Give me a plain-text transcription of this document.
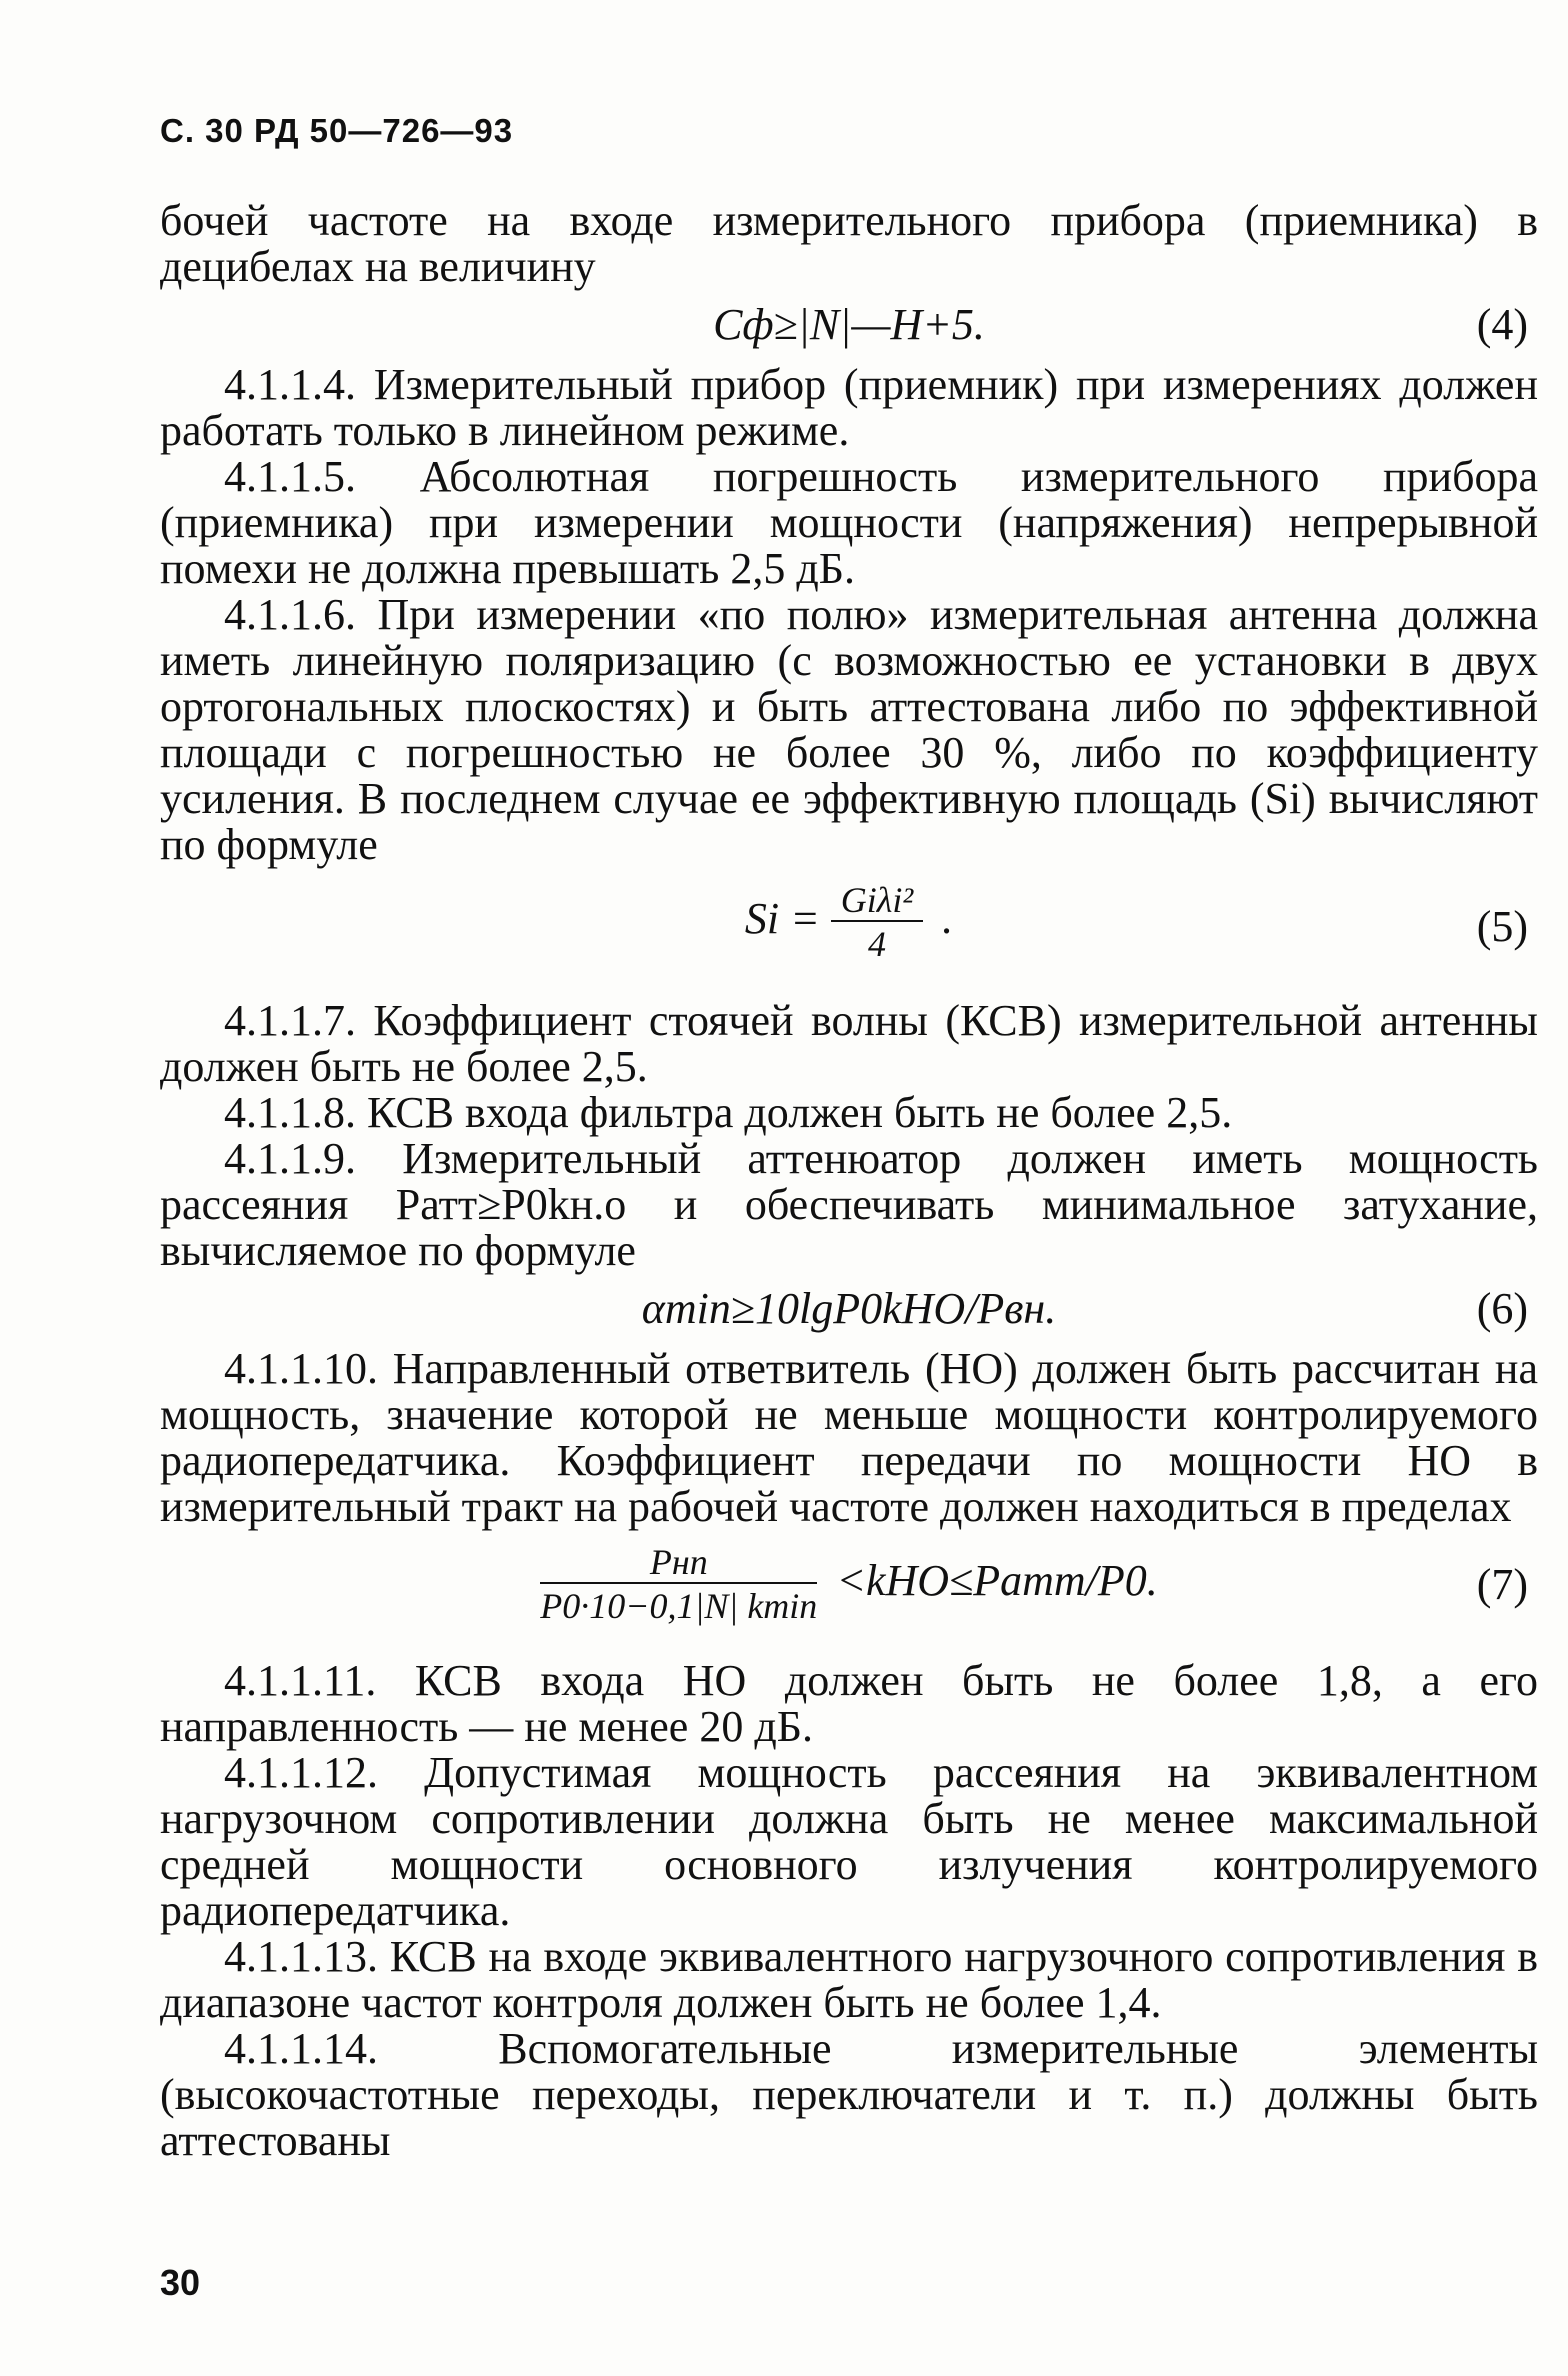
С. 30 РД 50—726—93

бочей частоте на входе измерительного прибора (приемника) в децибелах на величину

Cф≥|N|—H+5.	(4)

4.1.1.4. Измерительный прибор (приемник) при измерениях должен работать только в линейном режиме.

4.1.1.5. Абсолютная погрешность измерительного прибора (приемника) при измерении мощности (напряжения) непрерывной помехи не должна превышать 2,5 дБ.

4.1.1.6. При измерении «по полю» измерительная антенна должна иметь линейную поляризацию (с возможностью ее установки в двух ортогональных плоскостях) и быть аттестована либо по эффективной площади с погрешностью не более 30 %, либо по коэффициенту усиления. В последнем случае ее эффективную площадь (Si) вычисляют по формуле

$Si = \frac{\text{Giλi²}}{4}$ .	(5)

4.1.1.7. Коэффициент стоячей волны (КСВ) измерительной антенны должен быть не более 2,5.

4.1.1.8. КСВ входа фильтра должен быть не более 2,5.

4.1.1.9. Измерительный аттенюатор должен иметь мощность рассеяния Pатт≥P0kн.о и обеспечивать минимальное затухание, вычисляемое по формуле

αmin≥10lgP0kНО/Pвн.	(6)

4.1.1.10. Направленный ответвитель (НО) должен быть рассчитан на мощность, значение которой не меньше мощности контролируемого радиопередатчика. Коэффициент передачи по мощности НО в измерительный тракт на рабочей частоте должен находиться в пределах

$\frac{\text{Pнп}}{P0\cdot 10-0,1|N| kmin}$ <kНО≤Pатт/P0.	(7)

4.1.1.11. КСВ входа НО должен быть не более 1,8, а его направленность — не менее 20 дБ.

4.1.1.12. Допустимая мощность рассеяния на эквивалентном нагрузочном сопротивлении должна быть не менее максимальной средней мощности основного излучения контролируемого радиопередатчика.

4.1.1.13. КСВ на входе эквивалентного нагрузочного сопротивления в диапазоне частот контроля должен быть не более 1,4.

4.1.1.14. Вспомогательные измерительные элементы (высокочастотные переходы, переключатели и т. п.) должны быть аттестованы

30
